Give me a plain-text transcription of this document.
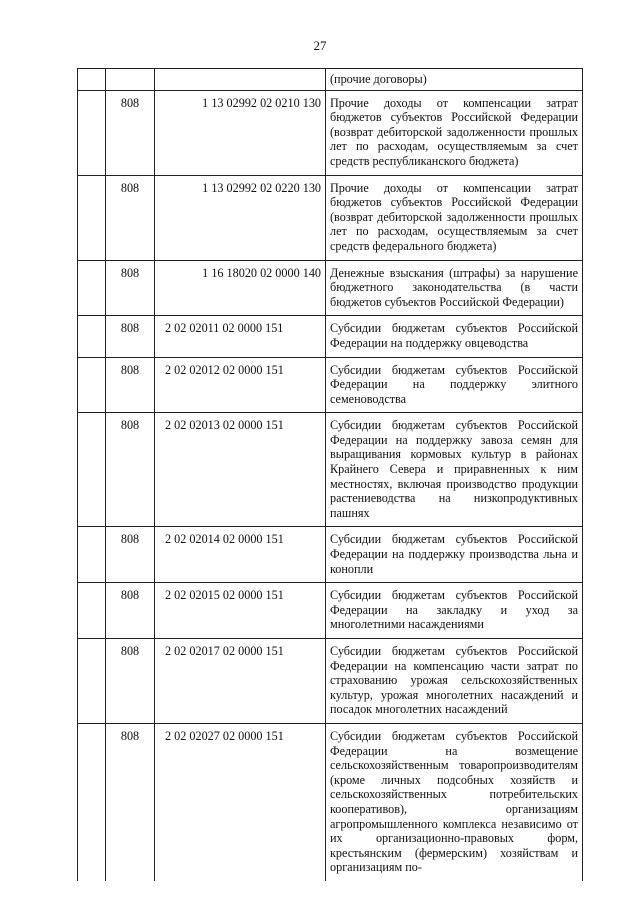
27
			(прочие договоры)
	808	1 13 02992 02 0210 130	Прочие доходы от компенсации затрат бюджетов субъектов Российской Федерации (возврат дебиторской задолженности прошлых лет по расходам, осуществляемым за счет средств республиканского бюджета)
	808	1 13 02992 02 0220 130	Прочие доходы от компенсации затрат бюджетов субъектов Российской Федерации (возврат дебиторской задолженности прошлых лет по расходам, осуществляемым за счет средств федерального бюджета)
	808	1 16 18020 02 0000 140	Денежные взыскания (штрафы) за нарушение бюджетного законодательства (в части бюджетов субъектов Российской Федерации)
	808	2 02 02011 02 0000 151	Субсидии бюджетам субъектов Российской Федерации на поддержку овцеводства
	808	2 02 02012 02 0000 151	Субсидии бюджетам субъектов Российской Федерации на поддержку элитного семеноводства
	808	2 02 02013 02 0000 151	Субсидии бюджетам субъектов Российской Федерации на поддержку завоза семян для выращивания кормовых культур в районах Крайнего Севера и приравненных к ним местностях, включая производство продукции растениеводства на низкопродуктивных пашнях
	808	2 02 02014 02 0000 151	Субсидии бюджетам субъектов Российской Федерации на поддержку производства льна и конопли
	808	2 02 02015 02 0000 151	Субсидии бюджетам субъектов Российской Федерации на закладку и уход за многолетними насаждениями
	808	2 02 02017 02 0000 151	Субсидии бюджетам субъектов Российской Федерации на компенсацию части затрат по страхованию урожая сельскохозяйственных культур, урожая многолетних насаждений и посадок многолетних насаждений
	808	2 02 02027 02 0000 151	Субсидии бюджетам субъектов Российской Федерации на возмещение сельскохозяйственным товаропроизводителям (кроме личных подсобных хозяйств и сельскохозяйственных потребительских кооперативов), организациям агропромышленного комплекса независимо от их организационно-правовых форм, крестьянским (фермерским) хозяйствам и организациям по-
